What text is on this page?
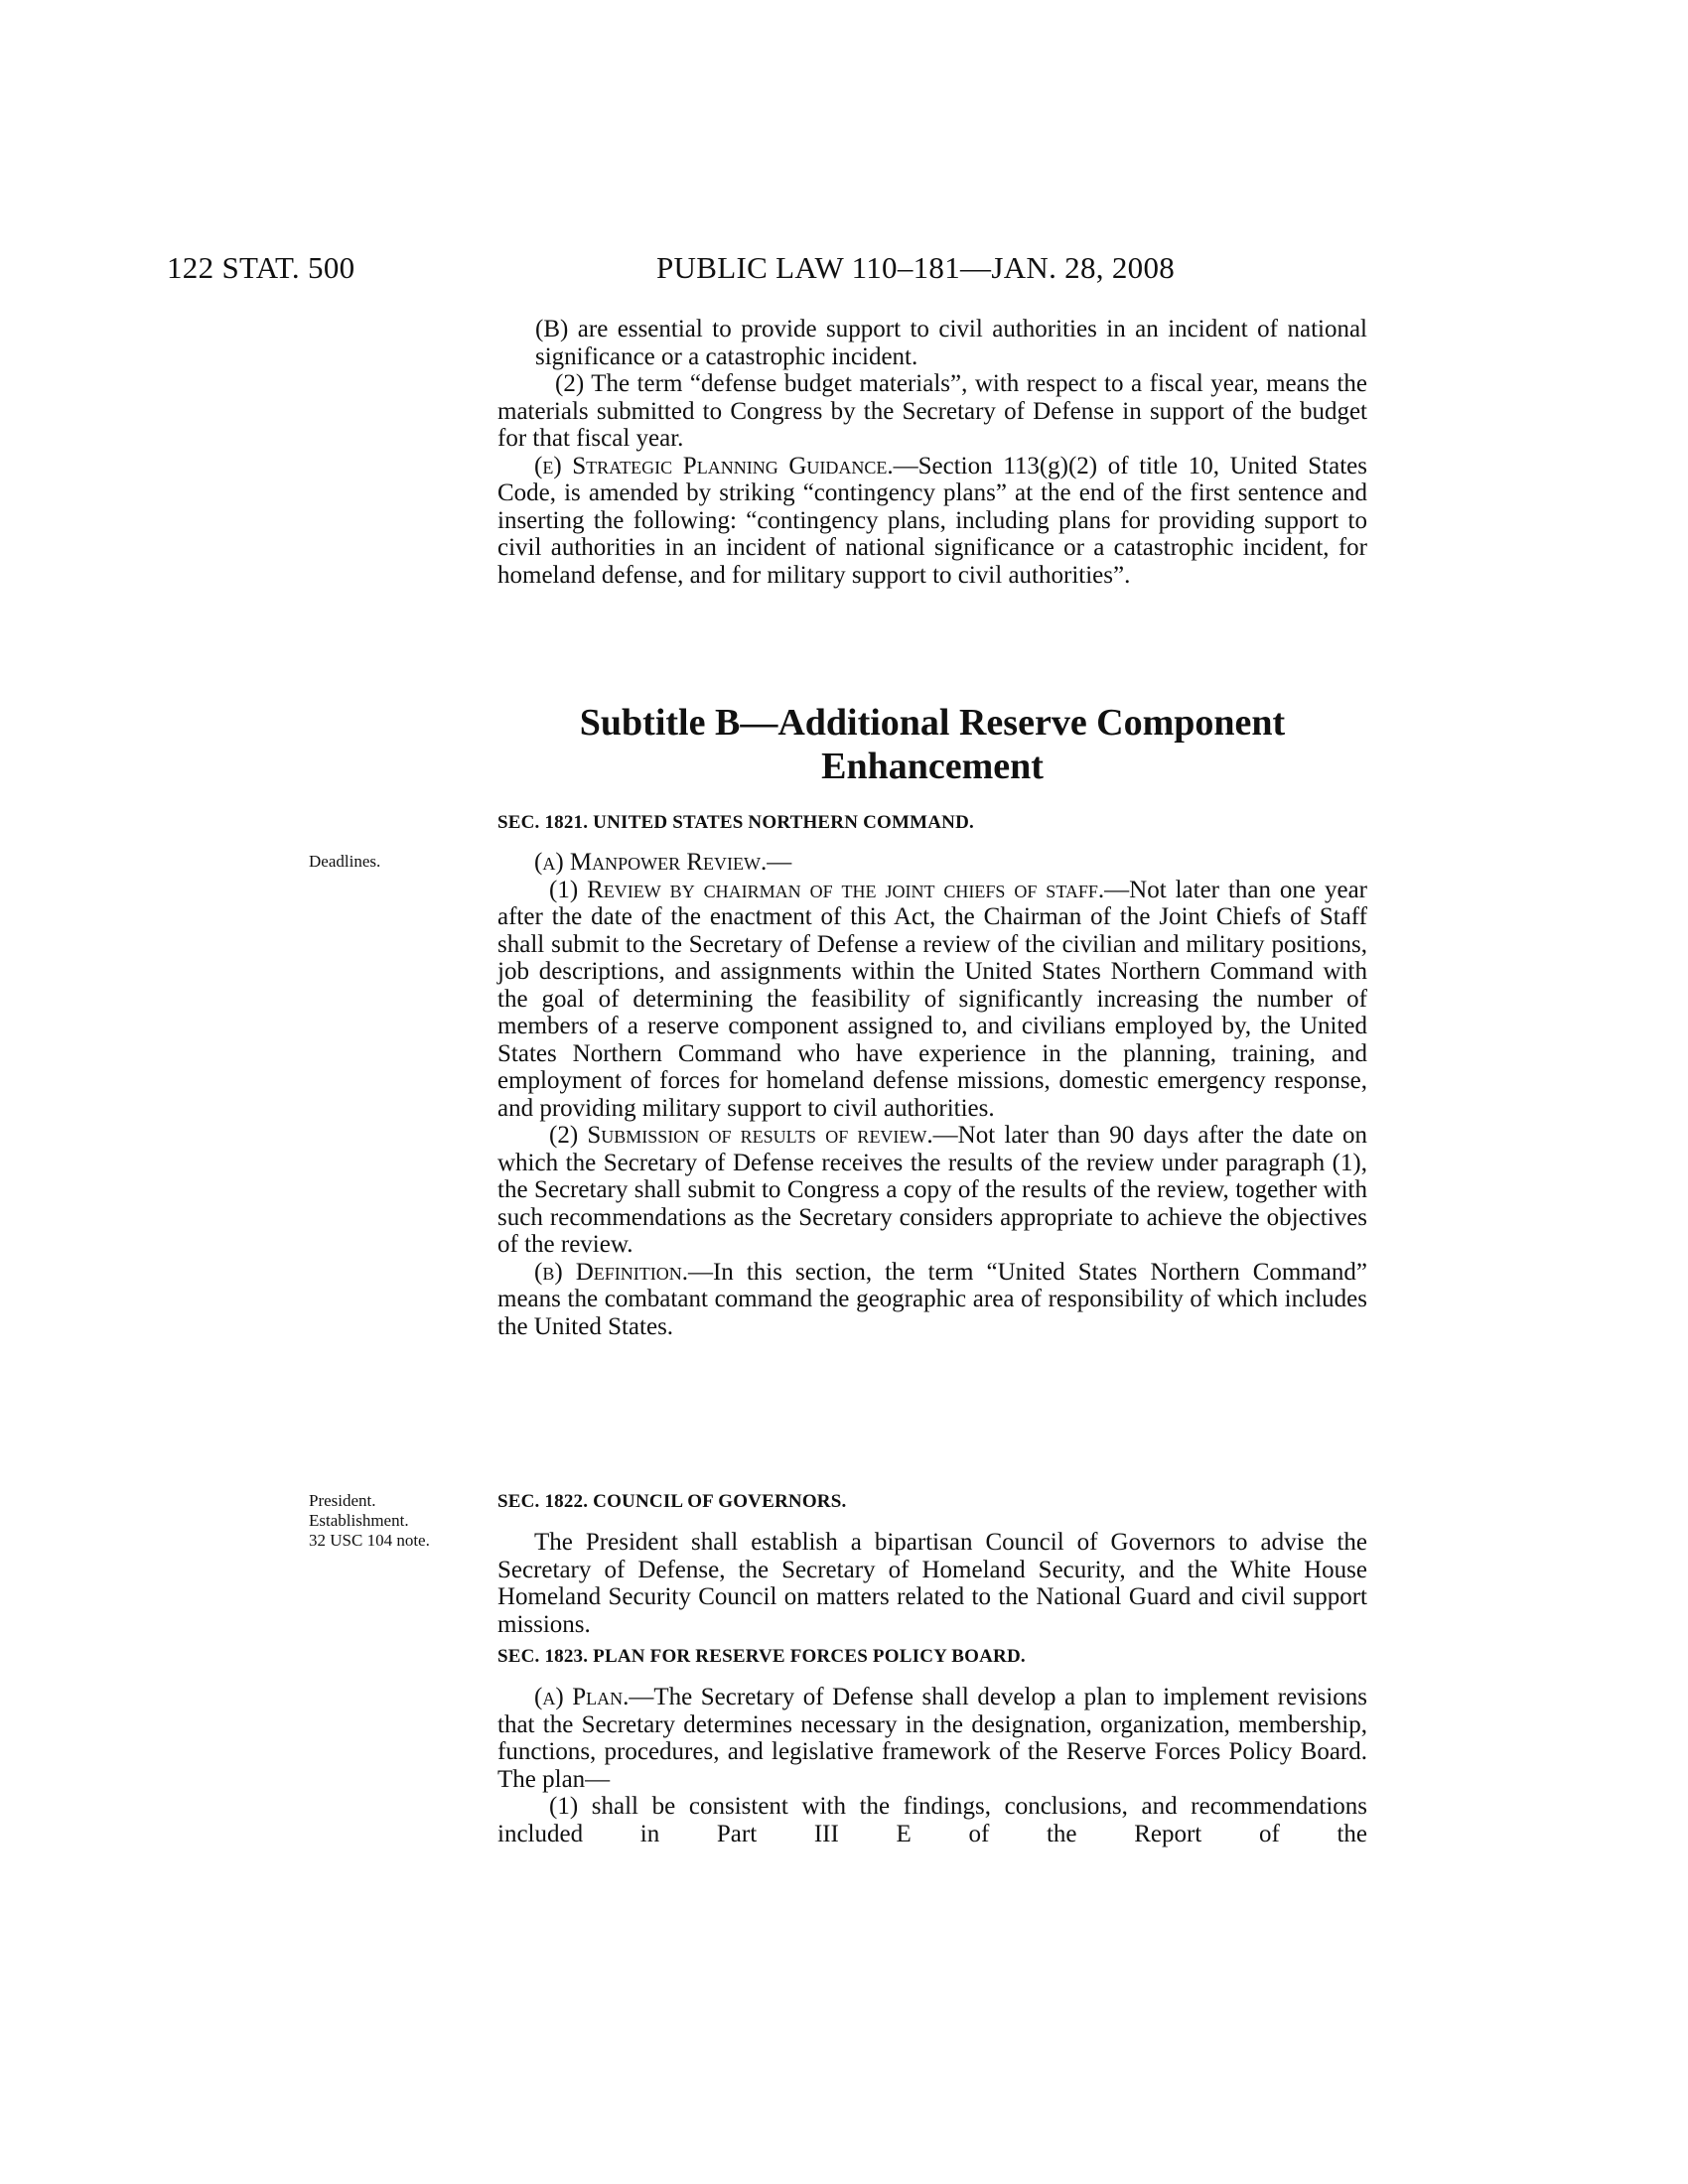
122 STAT. 500	PUBLIC LAW 110–181—JAN. 28, 2008

(B) are essential to provide support to civil authorities in an incident of national significance or a catastrophic incident.

(2) The term “defense budget materials”, with respect to a fiscal year, means the materials submitted to Congress by the Secretary of Defense in support of the budget for that fiscal year.

(e) Strategic Planning Guidance.—Section 113(g)(2) of title 10, United States Code, is amended by striking “contingency plans” at the end of the first sentence and inserting the following: “contingency plans, including plans for providing support to civil authorities in an incident of national significance or a catastrophic incident, for homeland defense, and for military support to civil authorities”.

Subtitle B—Additional Reserve Component
Enhancement
SEC. 1821. UNITED STATES NORTHERN COMMAND.
Deadlines.	(a) Manpower Review.—

(1) Review by chairman of the joint chiefs of staff.—Not later than one year after the date of the enactment of this Act, the Chairman of the Joint Chiefs of Staff shall submit to the Secretary of Defense a review of the civilian and military positions, job descriptions, and assignments within the United States Northern Command with the goal of determining the feasibility of significantly increasing the number of members of a reserve component assigned to, and civilians employed by, the United States Northern Command who have experience in the planning, training, and employment of forces for homeland defense missions, domestic emergency response, and providing military support to civil authorities.

(2) Submission of results of review.—Not later than 90 days after the date on which the Secretary of Defense receives the results of the review under paragraph (1), the Secretary shall submit to Congress a copy of the results of the review, together with such recommendations as the Secretary considers appropriate to achieve the objectives of the review.

(b) Definition.—In this section, the term “United States Northern Command” means the combatant command the geographic area of responsibility of which includes the United States.

President.
Establishment.
32 USC 104 note.
SEC. 1822. COUNCIL OF GOVERNORS.

The President shall establish a bipartisan Council of Governors to advise the Secretary of Defense, the Secretary of Homeland Security, and the White House Homeland Security Council on matters related to the National Guard and civil support missions.

SEC. 1823. PLAN FOR RESERVE FORCES POLICY BOARD.

(a) Plan.—The Secretary of Defense shall develop a plan to implement revisions that the Secretary determines necessary in the designation, organization, membership, functions, procedures, and legislative framework of the Reserve Forces Policy Board. The plan—

(1) shall be consistent with the findings, conclusions, and recommendations included in Part III E of the Report of the
